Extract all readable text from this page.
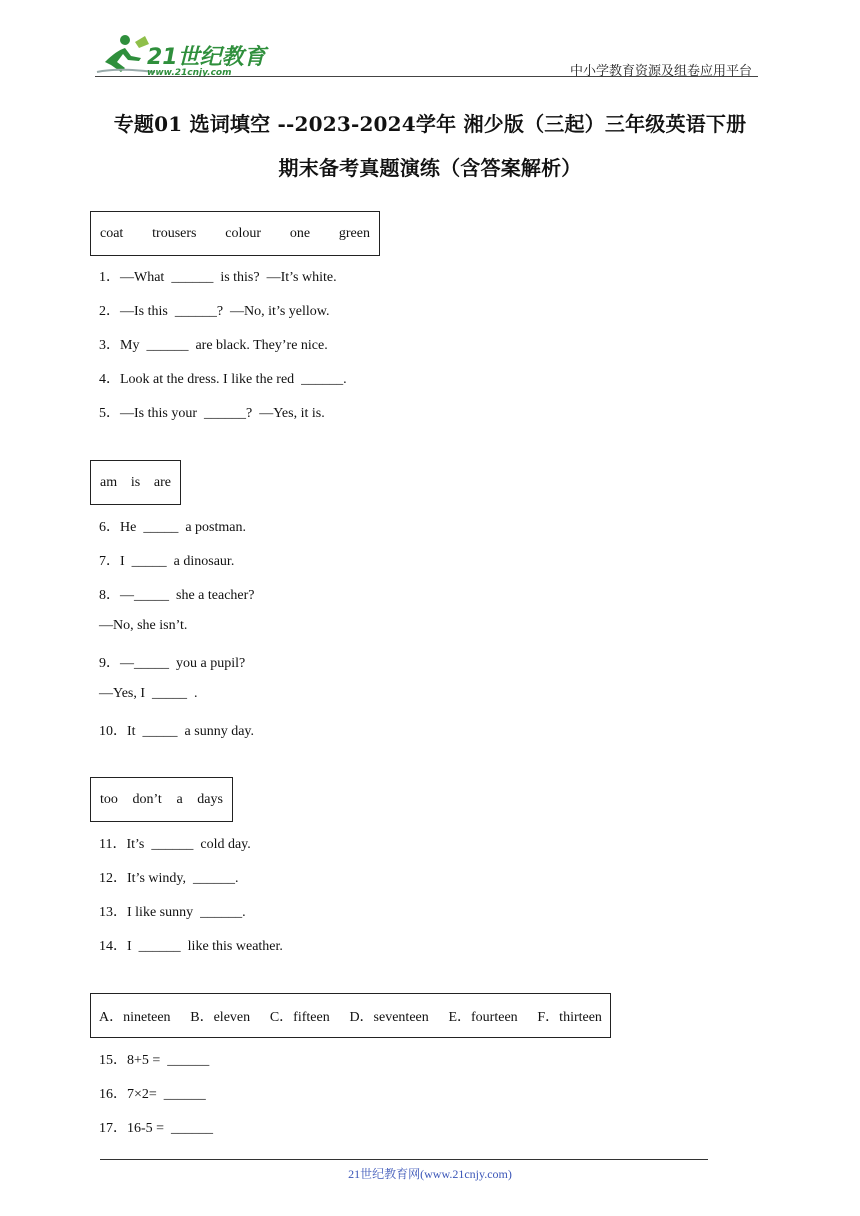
21世纪教育
www.21cnjy.com	中小学教育资源及组卷应用平台
专题01 选词填空 --2023-2024学年 湘少版（三起）三年级英语下册
期末备考真题演练（含答案解析）
coat trousers colour one green
1．—What  ______  is this?  —It’s white.
2．—Is this  ______?  —No, it’s yellow.
3．My  ______  are black. They’re nice.
4．Look at the dress. I like the red  ______.
5．—Is this your  ______?  —Yes, it is.
am is are
6．He  _____  a postman.
7．I  _____  a dinosaur.
8．—_____  she a teacher?
—No, she isn’t.
9．—_____  you a pupil?
—Yes, I  _____  .
10．It  _____  a sunny day.
too don’t a days
11．It’s  ______  cold day.
12．It’s windy,  ______.
13．I like sunny  ______.
14．I  ______  like this weather.
A．nineteen B．eleven C．fifteen D．seventeen E．fourteen F．thirteen
15．8+5 =  ______
16．7×2=  ______
17．16-5 =  ______
21世纪教育网(www.21cnjy.com)
